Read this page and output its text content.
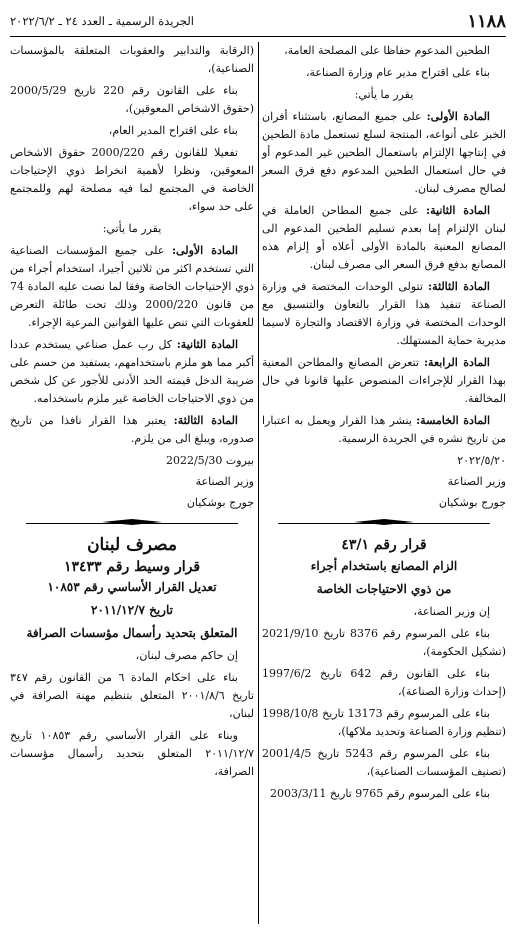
الجريدة الرسمية ـ العدد ٢٤ ـ ٢٠٢٢/٦/٢	١١٨٨

الطحين المدعوم حفاظا على المصلحة العامة،

بناء على اقتراح مدير عام وزارة الصناعة،

يقرر ما يأتي:

المادة الأولى: على جميع المصانع، باستثناء أفران الخبز على أنواعه، المنتجة لسلع تستعمل مادة الطحين في إنتاجها الإلتزام باستعمال الطحين غير المدعوم أو في حال استعمال الطحين المدعوم دفع فرق السعر لصالح مصرف لبنان.

المادة الثانية: على جميع المطاحن العاملة في لبنان الإلتزام إما بعدم تسليم الطحين المدعوم الى المصانع المعنية بالمادة الأولى أعلاه أو إلزام هذه المصانع بدفع فرق السعر الى مصرف لبنان.

المادة الثالثة: تتولى الوحدات المختصة في وزارة الصناعة تنفيذ هذا القرار بالتعاون والتنسيق مع الوحدات المختصة في وزارة الاقتصاد والتجارة لاسيما مديرية حماية المستهلك.

المادة الرابعة: تتعرض المصانع والمطاحن المعنية بهذا القرار للإجراءات المنصوص عليها قانونا في حال المخالفة.

المادة الخامسة: ينشر هذا القرار ويعمل به اعتبارا من تاريخ نشره في الجريدة الرسمية.

٢٠٢٢/٥/٢٠

وزير الصناعة

جورج بوشكيان

قرار رقم ٤٣/١

الزام المصانع باستخدام أجراء

من ذوي الاحتياجات الخاصة

إن وزير الصناعة،

بناء على المرسوم رقم 8376 تاريخ 2021/9/10 (تشكيل الحكومة)،

بناء على القانون رقم 642 تاريخ 1997/6/2 (إحداث وزارة الصناعة)،

بناء على المرسوم رقم 13173 تاريخ 1998/10/8 (تنظيم وزارة الصناعة وتحديد ملاكها)،

بناء على المرسوم رقم 5243 تاريخ 2001/4/5 (تصنيف المؤسسات الصناعية)،

بناء على المرسوم رقم 9765 تاريخ 2003/3/11

(الرقابة والتدابير والعقوبات المتعلقة بالمؤسسات الصناعية)،

بناء على القانون رقم 220 تاريخ 2000/5/29 (حقوق الاشخاص المعوقين)،

بناء على اقتراح المدير العام،

تفعيلا للقانون رقم 2000/220 حقوق الاشخاص المعوقين، ونظرا لأهمية انخراط ذوي الإحتياجات الخاصة في المجتمع لما فيه مصلحة لهم وللمجتمع على حد سواء،

يقرر ما يأتي:

المادة الأولى: على جميع المؤسسات الصناعية التي تستخدم اكثر من ثلاثين أجيرا، استخدام أجراء من ذوي الإحتياجات الخاصة وفقا لما نصت عليه المادة 74 من قانون 2000/220 وذلك تحت طائلة التعرض للعقوبات التي تنص عليها القوانين المرعية الإجراء.

المادة الثانية: كل رب عمل صناعي يستخدم عددا أكبر مما هو ملزم باستخدامهم، يستفيد من حسم على ضريبة الدخل قيمته الحد الأدنى للأجور عن كل شخص من ذوي الاحتياجات الخاصة غير ملزم باستخدامه.

المادة الثالثة: يعتبر هذا القرار نافذا من تاريخ صدوره، ويبلغ الى من يلزم.

بيروت 2022/5/30

وزير الصناعة

جورج بوشكيان

مصرف لبنان

قرار وسيط رقم ١٣٤٣٣

تعديل القرار الأساسي رقم ١٠٨٥٣

تاريخ ٢٠١١/١٢/٧

المتعلق بتحديد رأسمال مؤسسات الصرافة

إن حاكم مصرف لبنان،

بناء على احكام المادة ٦ من القانون رقم ٣٤٧ تاريخ ٢٠٠١/٨/٦ المتعلق بتنظيم مهنة الصرافة في لبنان،

وبناء على القرار الأساسي رقم ١٠٨٥٣ تاريخ ٢٠١١/١٢/٧ المتعلق بتحديد رأسمال مؤسسات الصرافة،
